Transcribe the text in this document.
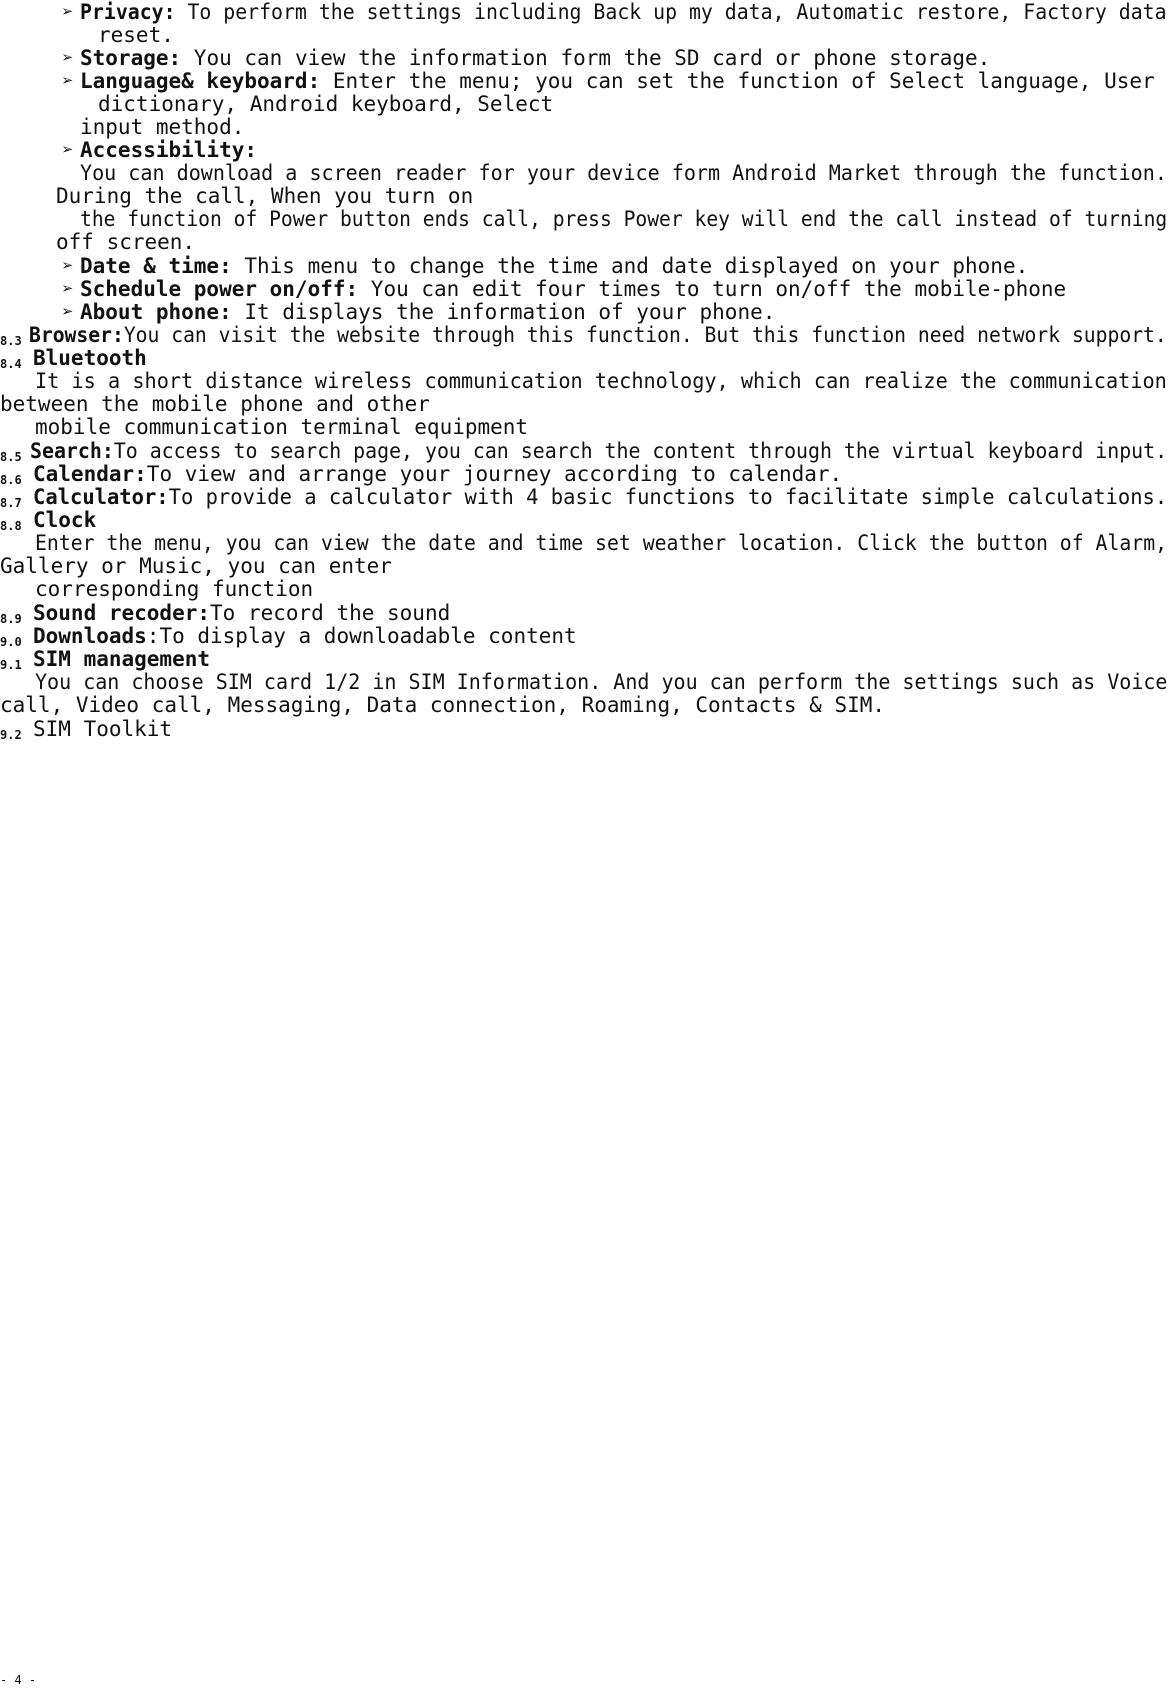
➢ Privacy: To perform the settings including Back up my data, Automatic restore, Factory data
reset.
➢ Storage: You can view the information form the SD card or phone storage.
➢ Language& keyboard: Enter the menu; you can set the function of Select language, User
dictionary, Android keyboard, Select
input method.
➢ Accessibility:
You can download a screen reader for your device form Android Market through the function.
During the call, When you turn on
the function of Power button ends call, press Power key will end the call instead of turning
off screen.
➢ Date & time: This menu to change the time and date displayed on your phone.
➢ Schedule power on/off: You can edit four times to turn on/off the mobile-phone
➢ About phone: It displays the information of your phone.
8.3 Browser:You can visit the website through this function. But this function need network support.
8.4 Bluetooth
It is a short distance wireless communication technology, which can realize the communication
between the mobile phone and other
mobile communication terminal equipment
8.5 Search:To access to search page, you can search the content through the virtual keyboard input.
8.6 Calendar:To view and arrange your journey according to calendar.
8.7 Calculator:To provide a calculator with 4 basic functions to facilitate simple calculations.
8.8 Clock
Enter the menu, you can view the date and time set weather location. Click the button of Alarm,
Gallery or Music, you can enter
corresponding function
8.9 Sound recoder:To record the sound
9.0 Downloads:To display a downloadable content
9.1 SIM management
You can choose SIM card 1/2 in SIM Information. And you can perform the settings such as Voice
call, Video call, Messaging, Data connection, Roaming, Contacts & SIM.
9.2 SIM Toolkit
- 4 -
